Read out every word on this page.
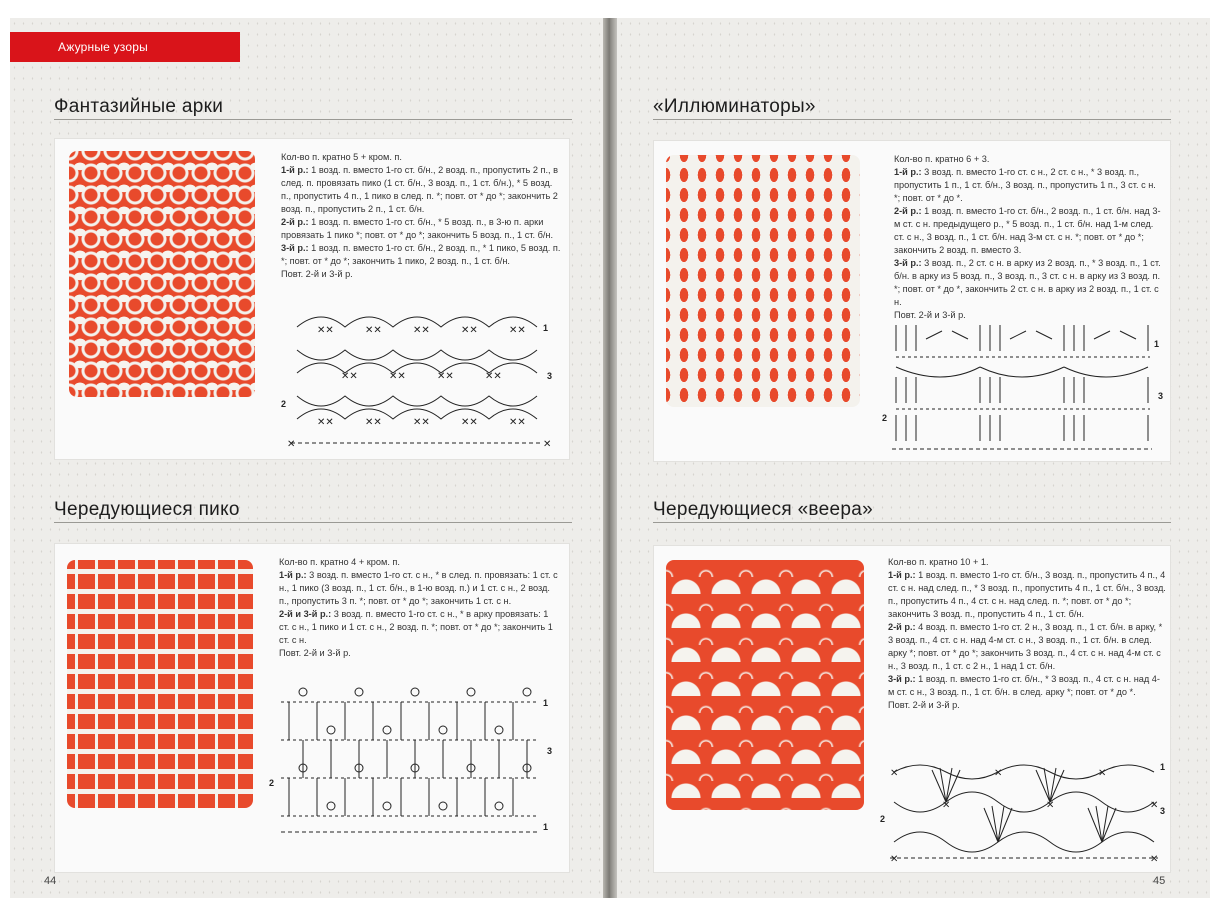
Ажурные узоры
Фантазийные арки

Кол-во п. кратно 5 + кром. п.

1-й р.: 1 возд. п. вместо 1-го ст. б/н., 2 возд. п., пропустить 2 п., в след. п. провязать пико (1 ст. б/н., 3 возд. п., 1 ст. б/н.), * 5 возд. п., пропустить 4 п., 1 пико в след. п. *; повт. от * до *; закончить 2 возд. п., пропустить 2 п., 1 ст. б/н.

2-й р.: 1 возд. п. вместо 1-го ст. б/н., * 5 возд. п., в 3-ю п. арки провязать 1 пико *; повт. от * до *; закончить 5 возд. п., 1 ст. б/н.

3-й р.: 1 возд. п. вместо 1-го ст. б/н., 2 возд. п., * 1 пико, 5 возд. п. *; повт. от * до *; закончить 1 пико, 2 возд. п., 1 ст. б/н.

Повт. 2-й и 3-й р.

✕✕	✕✕	✕✕	✕✕	✕✕
✕✕	✕✕	✕✕	✕✕
✕✕	✕✕	✕✕	✕✕	✕✕
✕	✕
1
3
2
Чередующиеся пико

Кол-во п. кратно 4 + кром. п.

1-й р.: 3 возд. п. вместо 1-го ст. с н., * в след. п. провязать: 1 ст. с н., 1 пико (3 возд. п., 1 ст. б/н., в 1-ю возд. п.) и 1 ст. с н., 2 возд. п., пропустить 3 п. *; повт. от * до *; закончить 1 ст. с н.

2-й и 3-й р.: 3 возд. п. вместо 1-го ст. с н., * в арку провязать: 1 ст. с н., 1 пико и 1 ст. с н., 2 возд. п. *; повт. от * до *; закончить 1 ст. с н.

Повт. 2-й и 3-й р.

1
3
2
1
44
«Иллюминаторы»

Кол-во п. кратно 6 + 3.

1-й р.: 3 возд. п. вместо 1-го ст. с н., 2 ст. с н., * 3 возд. п., пропустить 1 п., 1 ст. б/н., 3 возд. п., пропустить 1 п., 3 ст. с н. *; повт. от * до *.

2-й р.: 1 возд. п. вместо 1-го ст. б/н., 2 возд. п., 1 ст. б/н. над 3-м ст. с н. предыдущего р., * 5 возд. п., 1 ст. б/н. над 1-м след. ст. с н., 3 возд. п., 1 ст. б/н. над 3-м ст. с н. *; повт. от * до *; закончить 2 возд. п. вместо 3.

3-й р.: 3 возд. п., 2 ст. с н. в арку из 2 возд. п., * 3 возд. п., 1 ст. б/н. в арку из 5 возд. п., 3 возд. п., 3 ст. с н. в арку из 3 возд. п. *; повт. от * до *, закончить 2 ст. с н. в арку из 2 возд. п., 1 ст. с н.

Повт. 2-й и 3-й р.

1
3
2
Чередующиеся «веера»

Кол-во п. кратно 10 + 1.

1-й р.: 1 возд. п. вместо 1-го ст. б/н., 3 возд. п., пропустить 4 п., 4 ст. с н. над след. п., * 3 возд. п., пропустить 4 п., 1 ст. б/н., 3 возд. п., пропустить 4 п., 4 ст. с н. над след. п. *; повт. от * до *; закончить 3 возд. п., пропустить 4 п., 1 ст. б/н.

2-й р.: 4 возд. п. вместо 1-го ст. 2 н., 3 возд. п., 1 ст. б/н. в арку, * 3 возд. п., 4 ст. с н. над 4-м ст. с н., 3 возд. п., 1 ст. б/н. в след. арку *; повт. от * до *; закончить 3 возд. п., 4 ст. с н. над 4-м ст. с н., 3 возд. п., 1 ст. с 2 н., 1 над 1 ст. б/н.

3-й р.: 1 возд. п. вместо 1-го ст. б/н., * 3 возд. п., 4 ст. с н. над 4-м ст. с н., 3 возд. п., 1 ст. б/н. в след. арку *; повт. от * до *.

Повт. 2-й и 3-й р.

✕	✕	✕
✕	✕	✕
✕	✕
1
3
2
45
